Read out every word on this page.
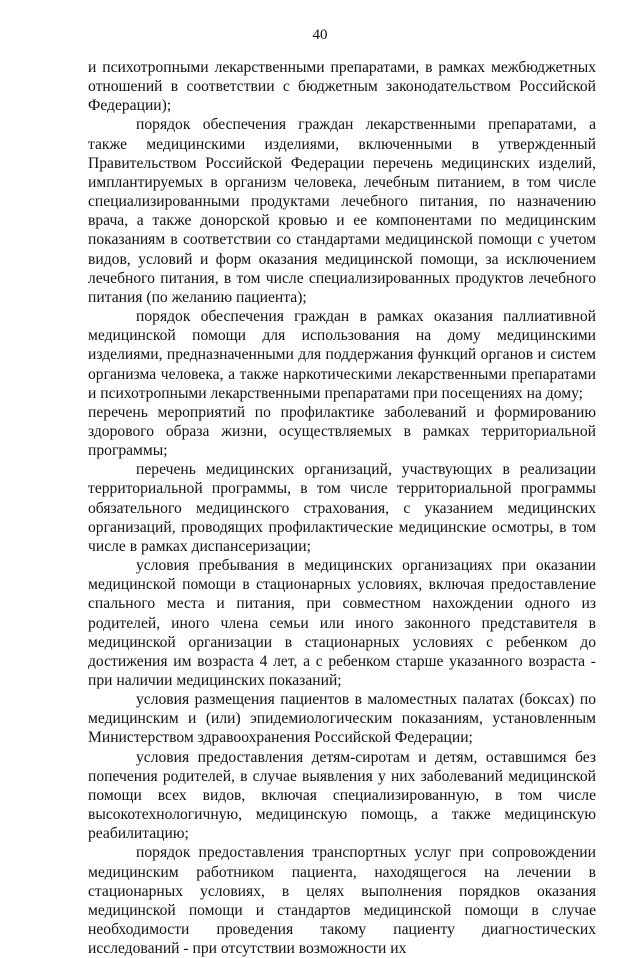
40

и психотропными лекарственными препаратами, в рамках межбюджетных отношений в соответствии с бюджетным законодательством Российской Федерации);

порядок обеспечения граждан лекарственными препаратами, а также медицинскими изделиями, включенными в утвержденный Правительством Российской Федерации перечень медицинских изделий, имплантируемых в организм человека, лечебным питанием, в том числе специализированными продуктами лечебного питания, по назначению врача, а также донорской кровью и ее компонентами по медицинским показаниям в соответствии со стандартами медицинской помощи с учетом видов, условий и форм оказания медицинской помощи, за исключением лечебного питания, в том числе специализированных продуктов лечебного питания (по желанию пациента);

порядок обеспечения граждан в рамках оказания паллиативной медицинской помощи для использования на дому медицинскими изделиями, предназначенными для поддержания функций органов и систем организма человека, а также наркотическими лекарственными препаратами и психотропными лекарственными препаратами при посещениях на дому;

перечень мероприятий по профилактике заболеваний и формированию здорового образа жизни, осуществляемых в рамках территориальной программы;

перечень медицинских организаций, участвующих в реализации территориальной программы, в том числе территориальной программы обязательного медицинского страхования, с указанием медицинских организаций, проводящих профилактические медицинские осмотры, в том числе в рамках диспансеризации;

условия пребывания в медицинских организациях при оказании медицинской помощи в стационарных условиях, включая предоставление спального места и питания, при совместном нахождении одного из родителей, иного члена семьи или иного законного представителя в медицинской организации в стационарных условиях с ребенком до достижения им возраста 4 лет, а с ребенком старше указанного возраста - при наличии медицинских показаний;

условия размещения пациентов в маломестных палатах (боксах) по медицинским и (или) эпидемиологическим показаниям, установленным Министерством здравоохранения Российской Федерации;

условия предоставления детям-сиротам и детям, оставшимся без попечения родителей, в случае выявления у них заболеваний медицинской помощи всех видов, включая специализированную, в том числе высокотехнологичную, медицинскую помощь, а также медицинскую реабилитацию;

порядок предоставления транспортных услуг при сопровождении медицинским работником пациента, находящегося на лечении в стационарных условиях, в целях выполнения порядков оказания медицинской помощи и стандартов медицинской помощи в случае необходимости проведения такому пациенту диагностических исследований - при отсутствии возможности их
